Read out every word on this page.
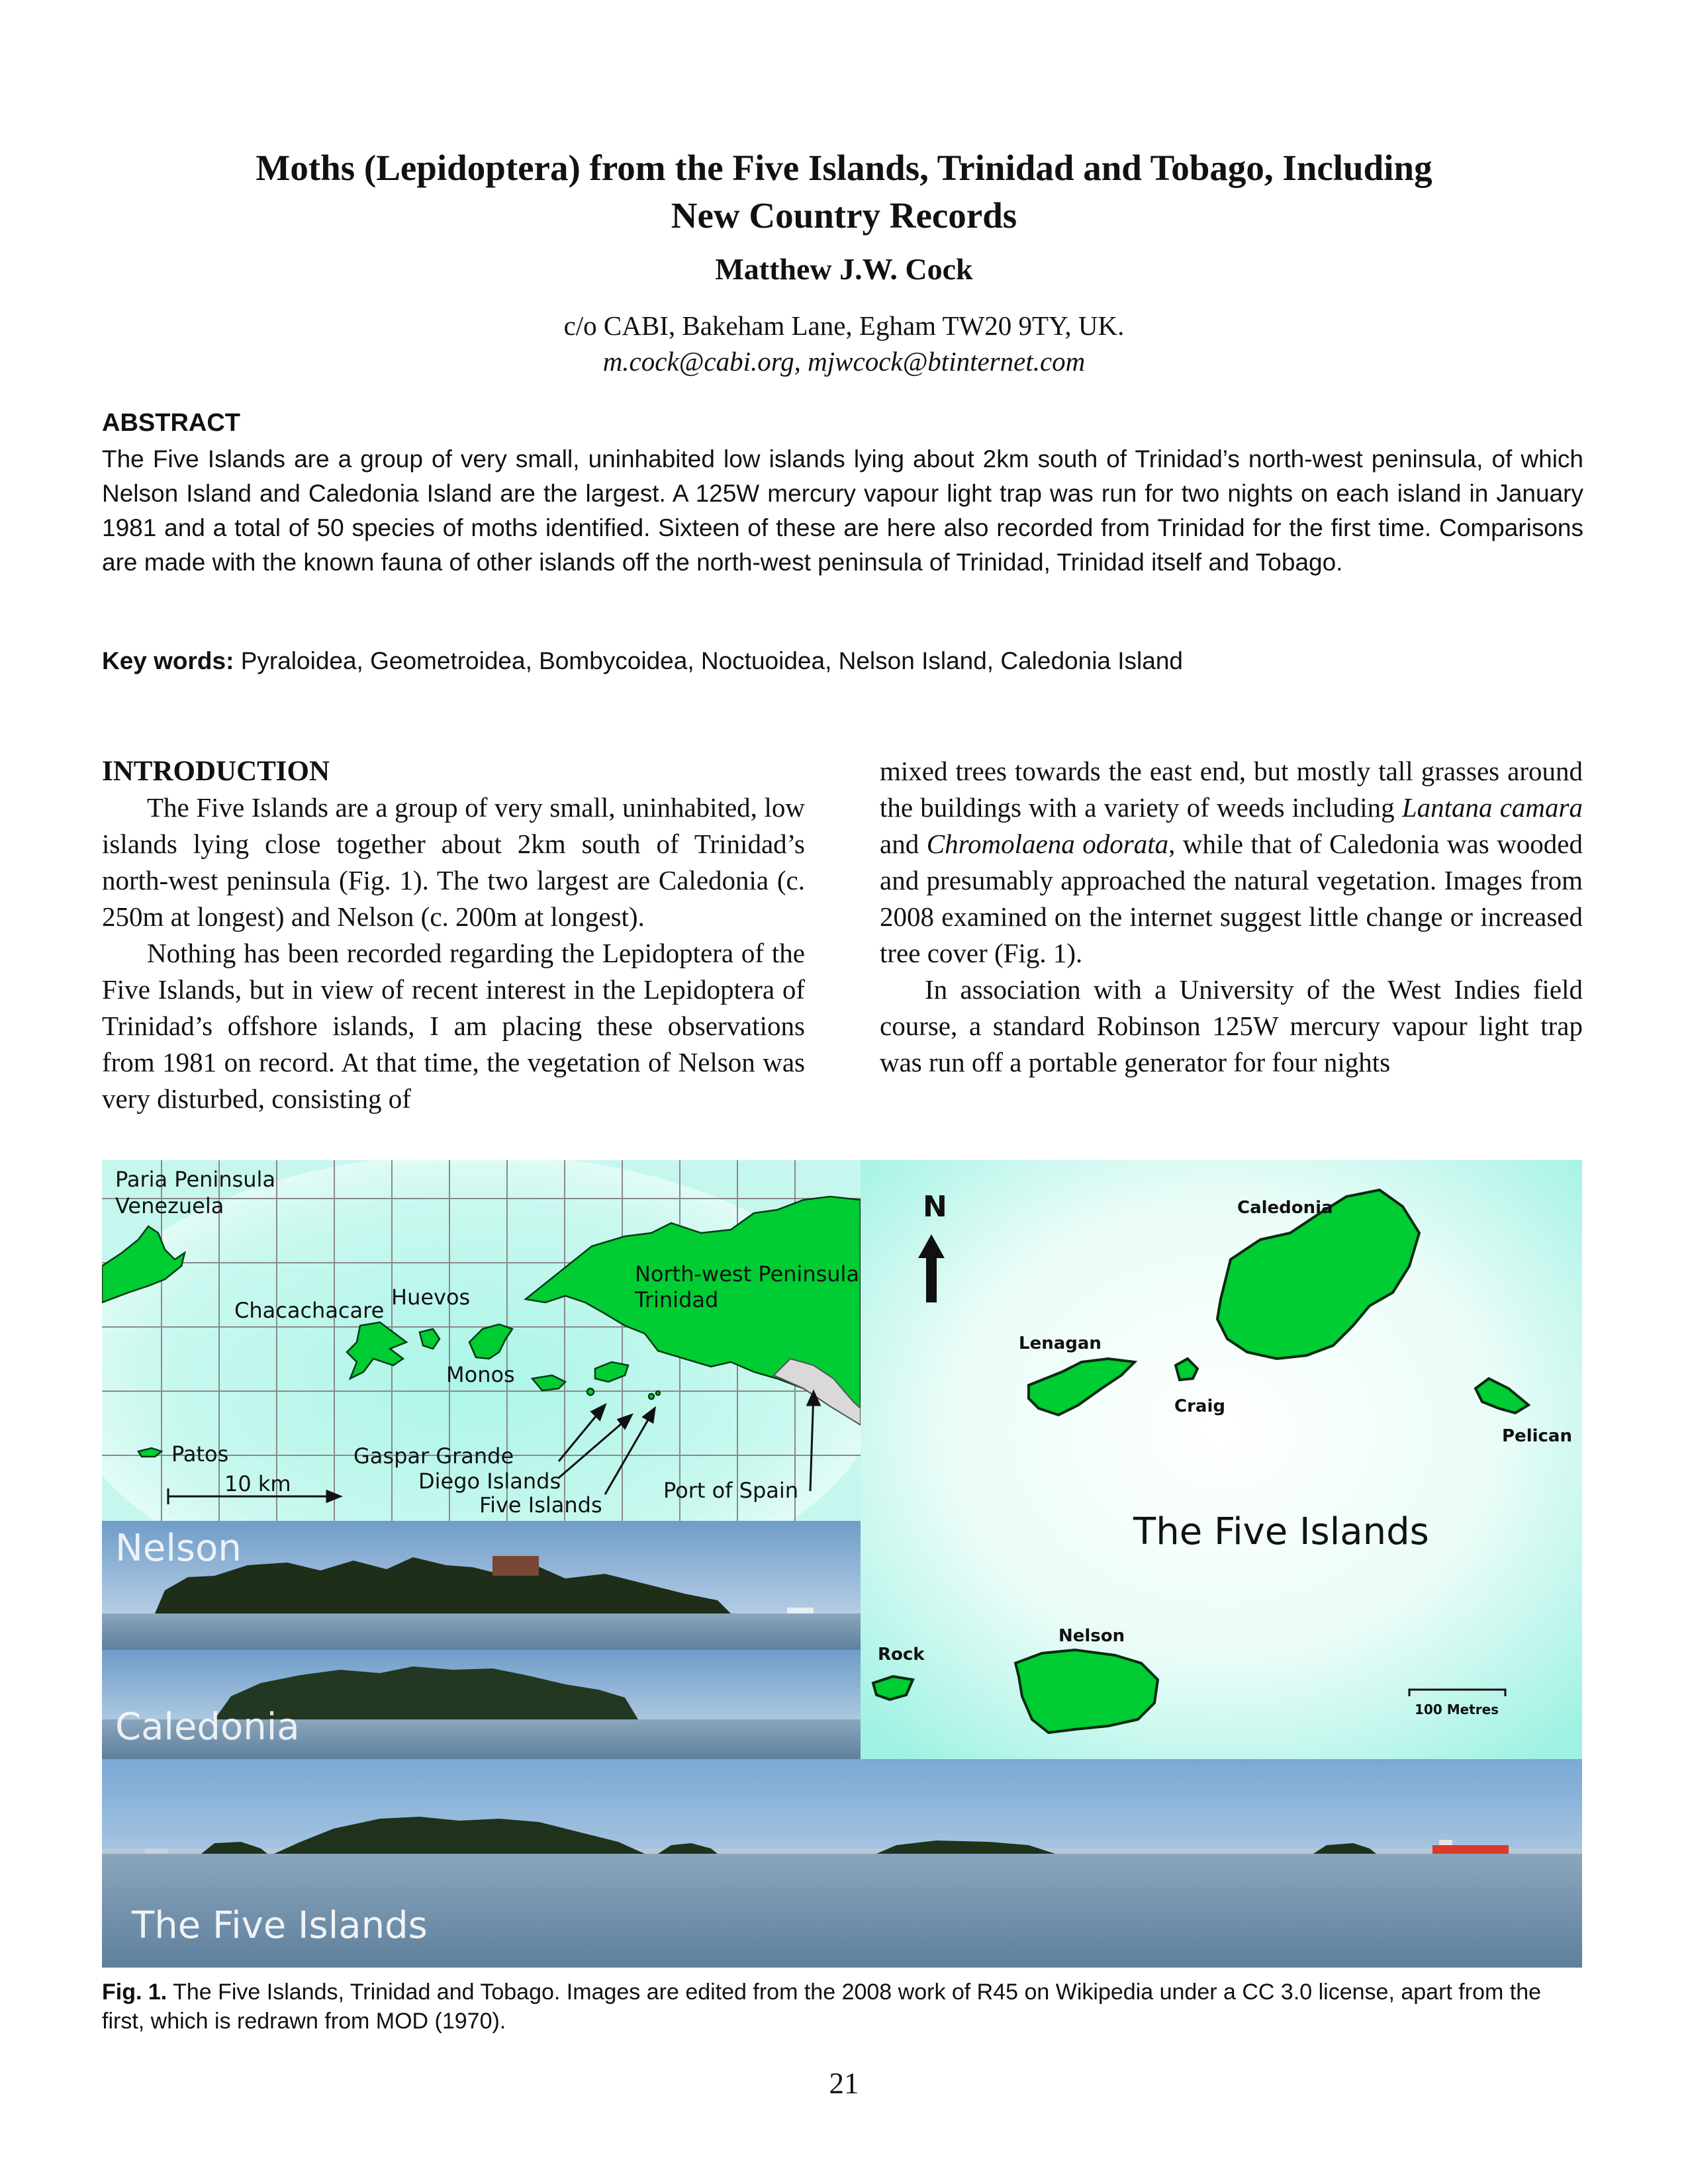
Moths (Lepidoptera) from the Five Islands, Trinidad and Tobago, Including
New Country Records
Matthew J.W. Cock
c/o CABI, Bakeham Lane, Egham TW20 9TY, UK.
m.cock@cabi.org, mjwcock@btinternet.com
ABSTRACT
The Five Islands are a group of very small, uninhabited low islands lying about 2km south of Trinidad’s north-west peninsula, of which Nelson Island and Caledonia Island are the largest. A 125W mercury vapour light trap was run for two nights on each island in January 1981 and a total of 50 species of moths identified. Sixteen of these are here also recorded from Trinidad for the first time. Comparisons are made with the known fauna of other islands off the north-west peninsula of Trinidad, Trinidad itself and Tobago.
Key words: Pyraloidea, Geometroidea, Bombycoidea, Noctuoidea, Nelson Island, Caledonia Island

INTRODUCTION

The Five Islands are a group of very small, uninhabited, low islands lying close together about 2km south of Trinidad’s north-west peninsula (Fig. 1). The two largest are Caledonia (c. 250m at longest) and Nelson (c. 200m at longest).

Nothing has been recorded regarding the Lepidoptera of the Five Islands, but in view of recent interest in the Lepidoptera of Trinidad’s offshore islands, I am placing these observations from 1981 on record. At that time, the vegetation of Nelson was very disturbed, consisting of

mixed trees towards the east end, but mostly tall grasses around the buildings with a variety of weeds including Lantana camara and Chromolaena odorata, while that of Caledonia was wooded and presumably approached the natural vegetation. Images from 2008 examined on the internet suggest little change or increased tree cover (Fig. 1).

In association with a University of the West Indies field course, a standard Robinson 125W mercury vapour light trap was run off a portable generator for four nights

Paria Peninsula
Venezuela
Chacachacare
Huevos
Monos
North-west Peninsula
Trinidad
Patos	Gaspar Grande
Diego Islands
Five Islands
Port of Spain
10 km
N	Caledonia
Lenagan
Craig
Pelican
Rock
Nelson
100 Metres
The Five Islands
Nelson
Caledonia
The Five Islands
Fig. 1. The Five Islands, Trinidad and Tobago. Images are edited from the 2008 work of R45 on Wikipedia under a CC 3.0 license, apart from the first, which is redrawn from MOD (1970).
21
